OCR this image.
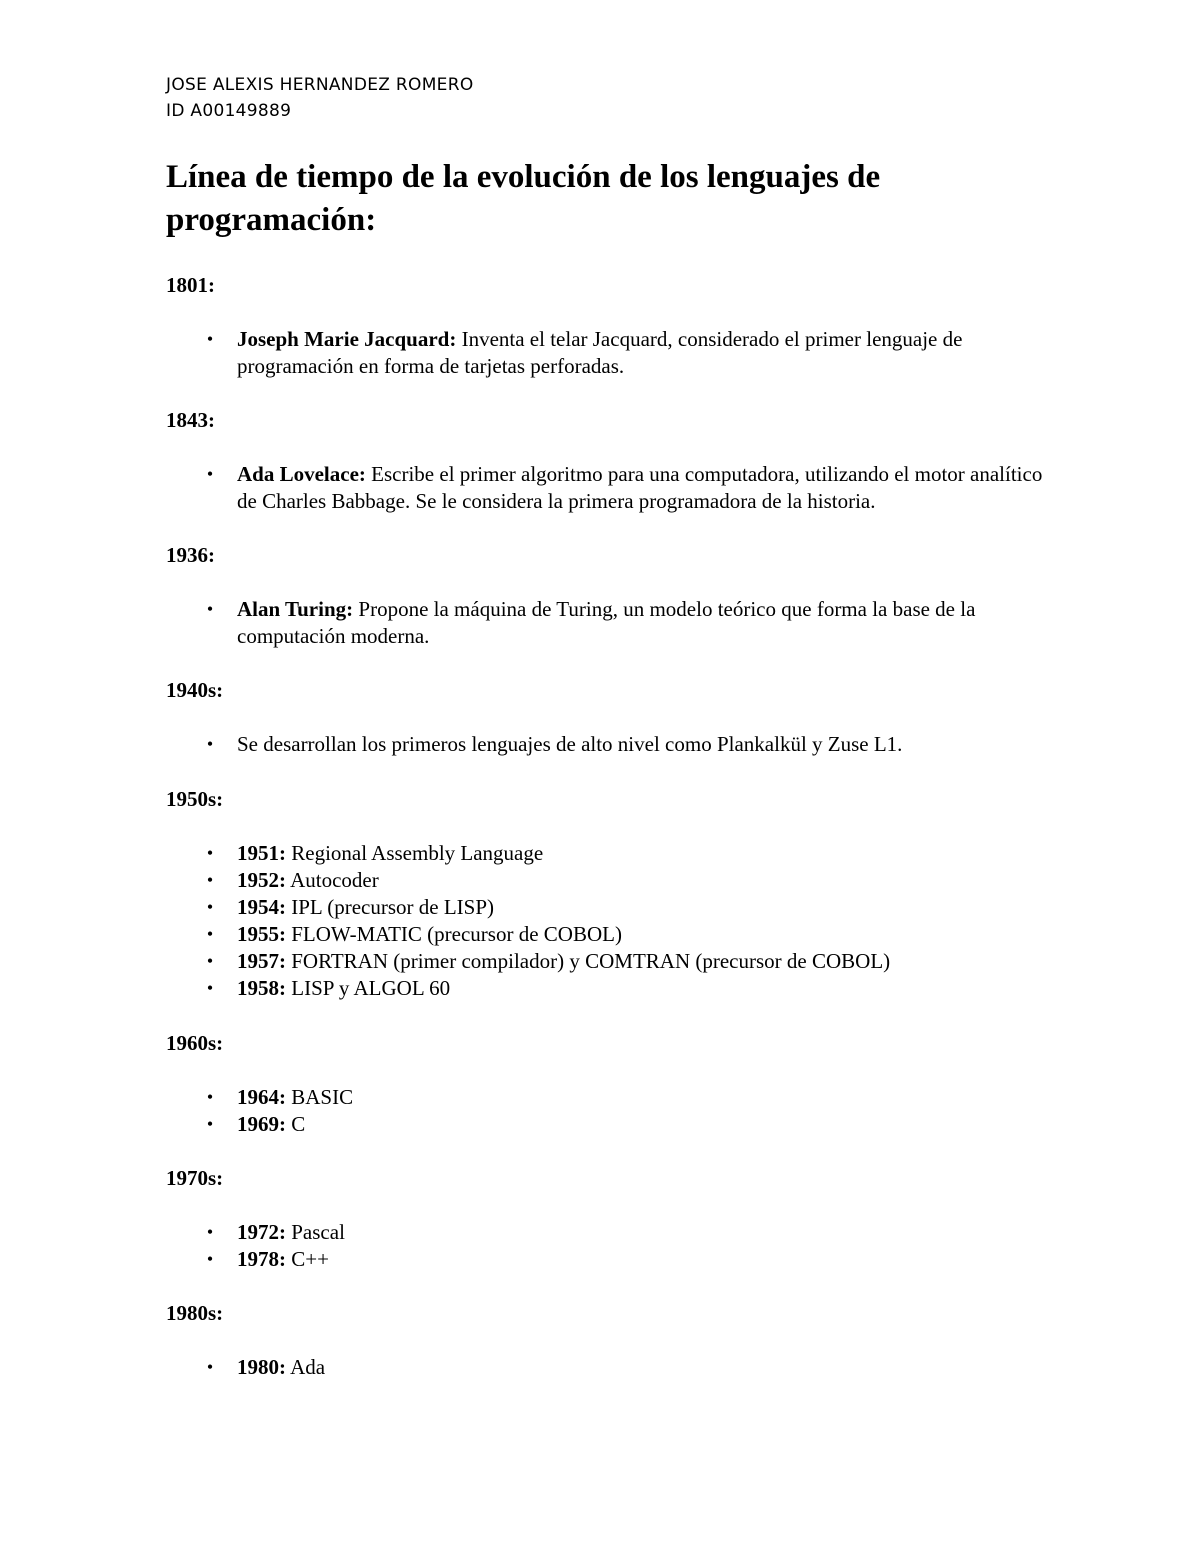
JOSE ALEXIS HERNANDEZ ROMERO

ID A00149889

Línea de tiempo de la evolución de los lenguajes de programación:

1801:

•	Joseph Marie Jacquard: Inventa el telar Jacquard, considerado el primer lenguaje de programación en forma de tarjetas perforadas.

1843:

•	Ada Lovelace: Escribe el primer algoritmo para una computadora, utilizando el motor analítico de Charles Babbage. Se le considera la primera programadora de la historia.

1936:

•	Alan Turing: Propone la máquina de Turing, un modelo teórico que forma la base de la computación moderna.

1940s:

•	Se desarrollan los primeros lenguajes de alto nivel como Plankalkül y Zuse L1.

1950s:

•	1951: Regional Assembly Language
•	1952: Autocoder
•	1954: IPL (precursor de LISP)
•	1955: FLOW-MATIC (precursor de COBOL)
•	1957: FORTRAN (primer compilador) y COMTRAN (precursor de COBOL)
•	1958: LISP y ALGOL 60

1960s:

•	1964: BASIC
•	1969: C

1970s:

•	1972: Pascal
•	1978: C++

1980s:

•	1980: Ada
